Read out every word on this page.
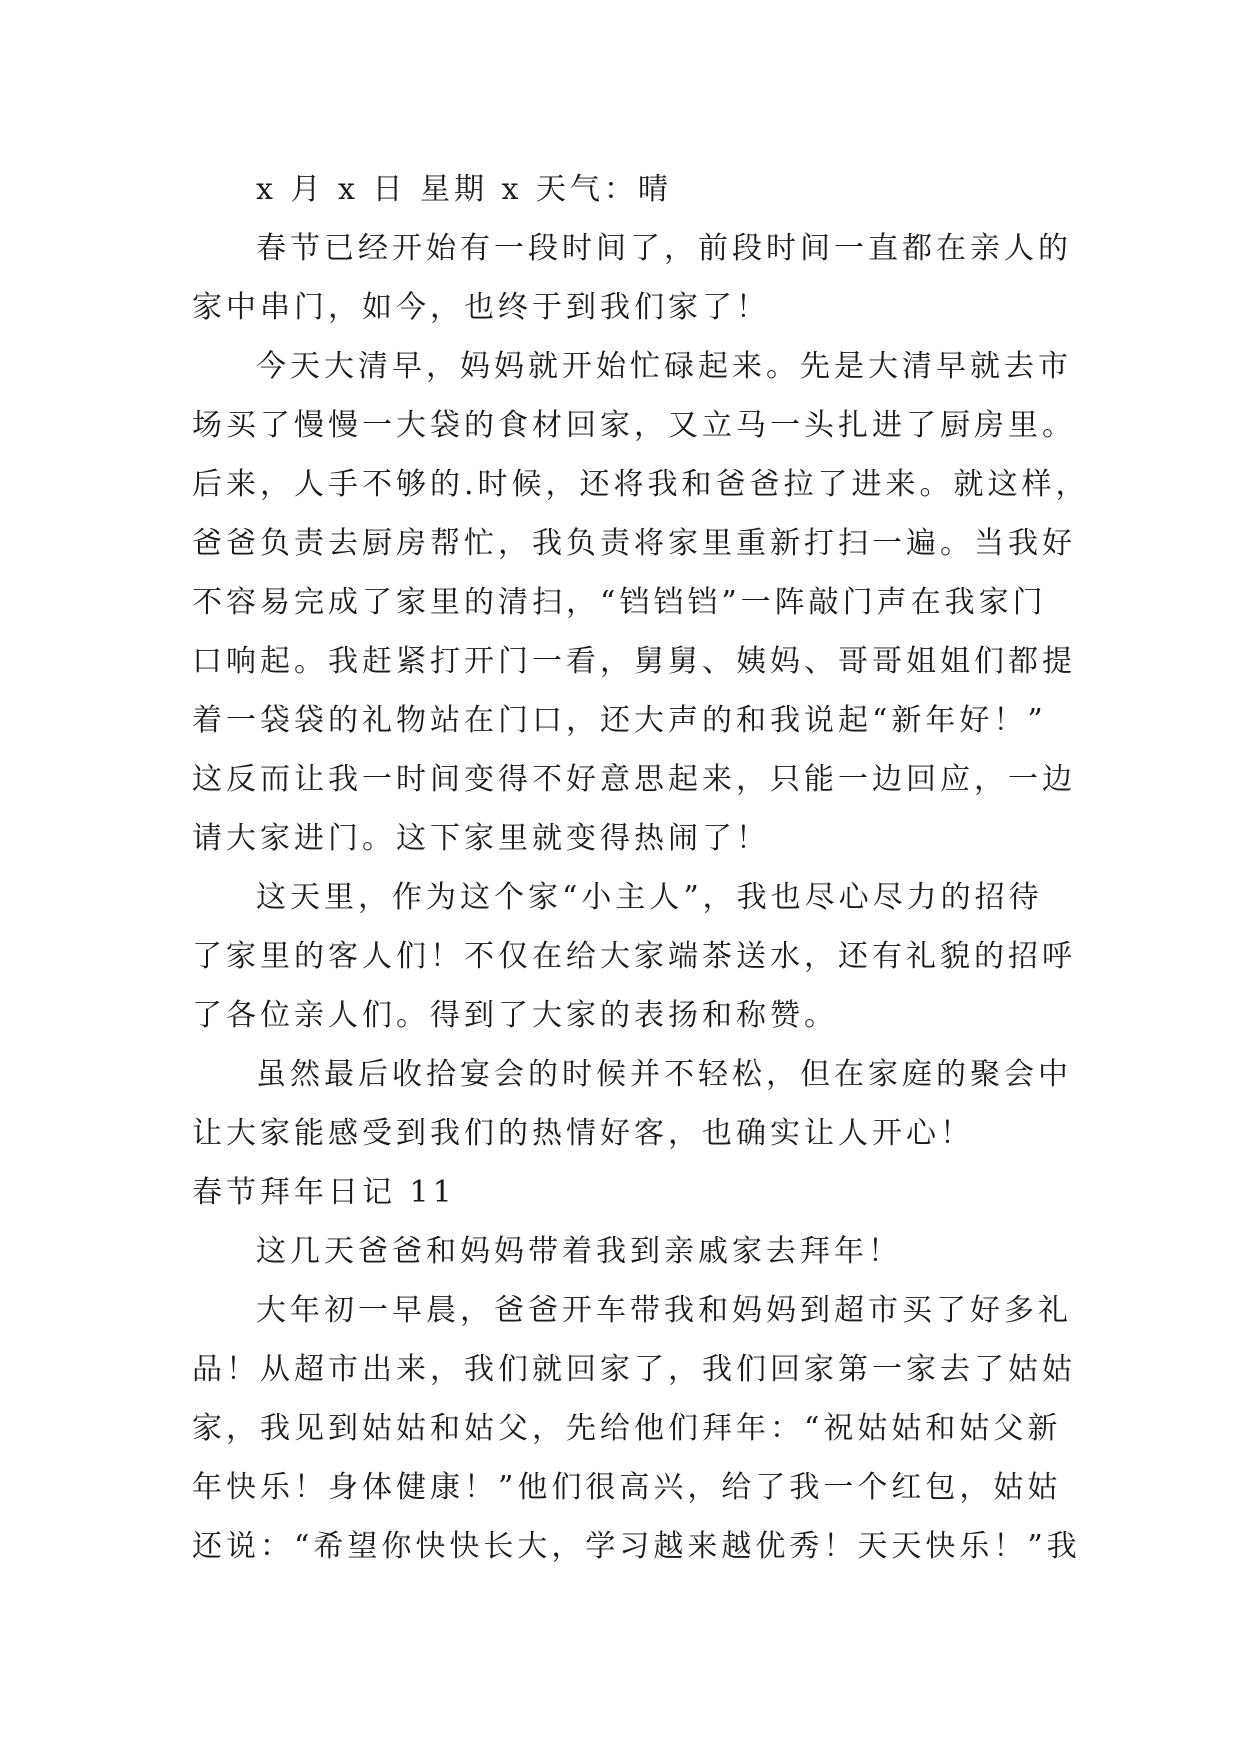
x 月 x 日 星期 x 天气：晴
春节已经开始有一段时间了，前段时间一直都在亲人的
家中串门，如今，也终于到我们家了！
今天大清早，妈妈就开始忙碌起来。先是大清早就去市
场买了慢慢一大袋的食材回家，又立马一头扎进了厨房里。
后来，人手不够的.时候，还将我和爸爸拉了进来。就这样，
爸爸负责去厨房帮忙，我负责将家里重新打扫一遍。当我好
不容易完成了家里的清扫，“铛铛铛”一阵敲门声在我家门
口响起。我赶紧打开门一看，舅舅、姨妈、哥哥姐姐们都提
着一袋袋的礼物站在门口，还大声的和我说起“新年好！”
这反而让我一时间变得不好意思起来，只能一边回应，一边
请大家进门。这下家里就变得热闹了！
这天里，作为这个家“小主人”，我也尽心尽力的招待
了家里的客人们！不仅在给大家端茶送水，还有礼貌的招呼
了各位亲人们。得到了大家的表扬和称赞。
虽然最后收拾宴会的时候并不轻松，但在家庭的聚会中
让大家能感受到我们的热情好客，也确实让人开心！
春节拜年日记 11
这几天爸爸和妈妈带着我到亲戚家去拜年！
大年初一早晨，爸爸开车带我和妈妈到超市买了好多礼
品！从超市出来，我们就回家了，我们回家第一家去了姑姑
家，我见到姑姑和姑父，先给他们拜年：“祝姑姑和姑父新
年快乐！身体健康！”他们很高兴，给了我一个红包，姑姑
还说：“希望你快快长大，学习越来越优秀！天天快乐！”我
